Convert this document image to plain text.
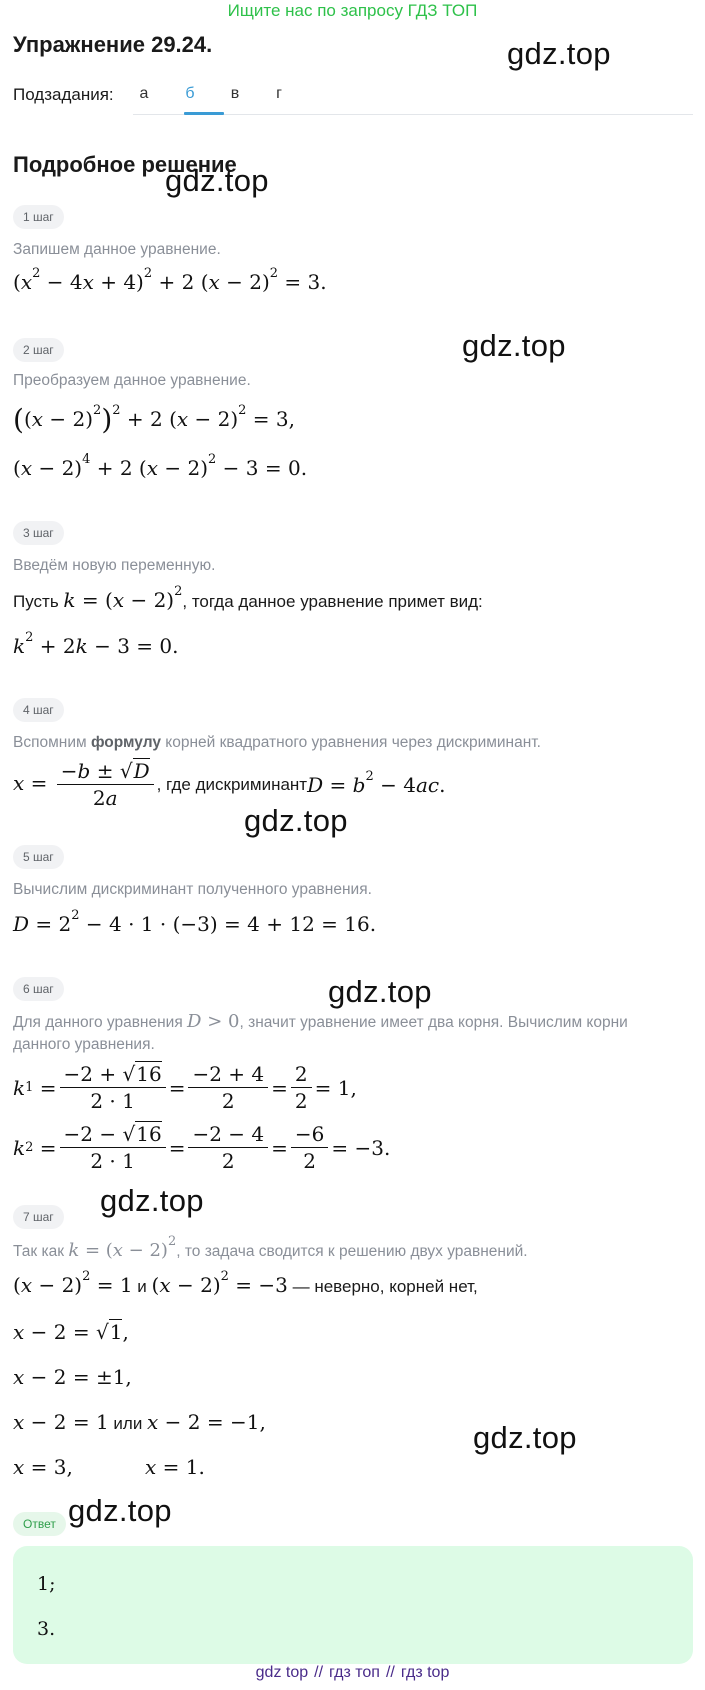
Ищите нас по запросу ГДЗ ТОП
Упражнение 29.24.	gdz.top
Подзадания:	а	б	в	г
Подробное решение
gdz.top
1 шаг
Запишем данное уравнение.
$(x^2 - 4x + 4)^2 + 2$ $(x - 2)^2 = 3$.
2 шаг	gdz.top
Преобразуем данное уравнение.
$((x - 2)^2)^2 + 2$ $(x - 2)^2 = 3$,
$(x - 2)^4 + 2$ $(x - 2)^2 - 3 = 0$.
3 шаг
Введём новую переменную.
Пусть $k = (x - 2)^2$, тогда данное уравнение примет вид:
$k^2 + 2k - 3 = 0$.
4 шаг
Вспомним формулу корней квадратного уравнения через дискриминант.
$x = \frac{-b \pm √D}{2a}$ , где дискриминант $D = b^2 - 4ac$.
gdz.top
5 шаг
Вычислим дискриминант полученного уравнения.
$D = 2^2 - 4 \cdot 1 \cdot (-3) = 4 + 12 = 16$.
gdz.top
6 шаг
Для данного уравнения D > 0, значит уравнение имеет два корня. Вычислим корни
данного уравнения.
k $1 = \frac{-2 + √16}{2 \cdot 1} = \frac{-2 + 4}{2} = \frac{2}{2} = 1$,
k $2 = \frac{-2 - √16}{2 \cdot 1} = \frac{-2 - 4}{2} = \frac{-6}{2} = -3$.
gdz.top
7 шаг
Так как $k = (x - 2)^2$, то задача сводится к решению двух уравнений.
$(x - 2)^2 = 1$ и $(x - 2)^2 = -3$ — неверно, корней нет,
x − 2 = √1,
x − 2 = ±1,
x − 2 = 1 или x − 2 = −1,	gdz.top
x = 3,	x = 1.
Ответ gdz.top
1;
3.
gdz top // гдз топ // гдз top
